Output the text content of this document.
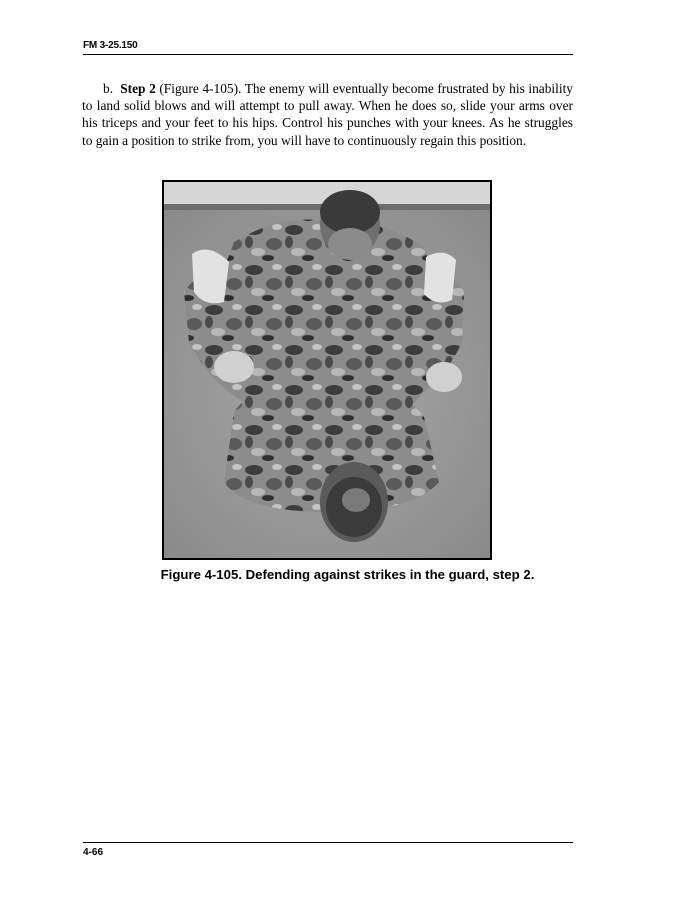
FM 3-25.150

b. Step 2 (Figure 4-105). The enemy will eventually become frustrated by his inability to land solid blows and will attempt to pull away. When he does so, slide your arms over his triceps and your feet to his hips. Control his punches with your knees. As he struggles to gain a position to strike from, you will have to continuously regain this position.

Figure 4-105. Defending against strikes in the guard, step 2.
4-66
